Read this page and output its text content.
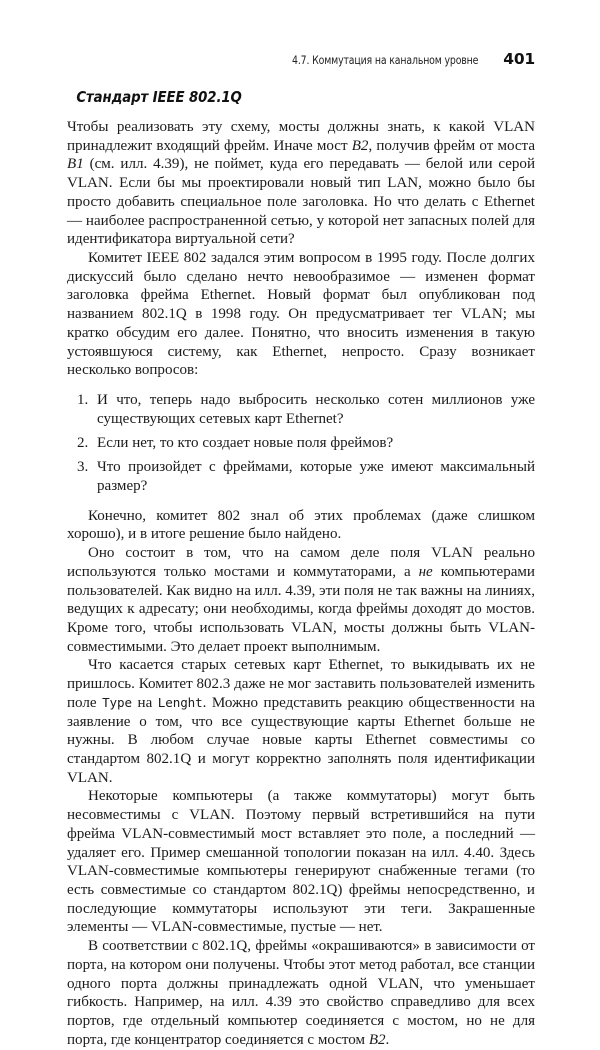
4.7. Коммутация на канальном уровне 401
Стандарт IEEE 802.1Q

Чтобы реализовать эту схему, мосты должны знать, к какой VLAN принадлежит входящий фрейм. Иначе мост B2, получив фрейм от моста B1 (см. илл. 4.39), не поймет, куда его передавать — белой или серой VLAN. Если бы мы проектировали новый тип LAN, можно было бы просто добавить специальное поле заголовка. Но что делать с Ethernet — наиболее распространенной сетью, у которой нет запасных полей для идентификатора виртуальной сети?

Комитет IEEE 802 задался этим вопросом в 1995 году. После долгих дискуссий было сделано нечто невообразимое — изменен формат заголовка фрейма Ethernet. Новый формат был опубликован под названием 802.1Q в 1998 году. Он предусматривает тег VLAN; мы кратко обсудим его далее. Понятно, что вносить изменения в такую устоявшуюся систему, как Ethernet, непросто. Сразу возникает несколько вопросов:

1. И что, теперь надо выбросить несколько сотен миллионов уже существующих сетевых карт Ethernet?
2. Если нет, то кто создает новые поля фреймов?
3. Что произойдет с фреймами, которые уже имеют максимальный размер?

Конечно, комитет 802 знал об этих проблемах (даже слишком хорошо), и в итоге решение было найдено.

Оно состоит в том, что на самом деле поля VLAN реально используются только мостами и коммутаторами, а не компьютерами пользователей. Как видно на илл. 4.39, эти поля не так важны на линиях, ведущих к адресату; они необходимы, когда фреймы доходят до мостов. Кроме того, чтобы использовать VLAN, мосты должны быть VLAN-совместимыми. Это делает проект выполнимым.

Что касается старых сетевых карт Ethernet, то выкидывать их не пришлось. Комитет 802.3 даже не мог заставить пользователей изменить поле Type на Lenght. Можно представить реакцию общественности на заявление о том, что все существующие карты Ethernet больше не нужны. В любом случае новые карты Ethernet совместимы со стандартом 802.1Q и могут корректно заполнять поля идентификации VLAN.

Некоторые компьютеры (а также коммутаторы) могут быть несовместимы с VLAN. Поэтому первый встретившийся на пути фрейма VLAN-совместимый мост вставляет это поле, а последний — удаляет его. Пример смешанной топологии показан на илл. 4.40. Здесь VLAN-совместимые компьютеры генерируют снабженные тегами (то есть совместимые со стандартом 802.1Q) фреймы непосредственно, и последующие коммутаторы используют эти теги. Закрашенные элементы — VLAN-совместимые, пустые — нет.

В соответствии с 802.1Q, фреймы «окрашиваются» в зависимости от порта, на котором они получены. Чтобы этот метод работал, все станции одного порта должны принадлежать одной VLAN, что уменьшает гибкость. Например, на илл. 4.39 это свойство справедливо для всех портов, где отдельный компьютер соединяется с мостом, но не для порта, где концентратор соединяется с мостом B2.
